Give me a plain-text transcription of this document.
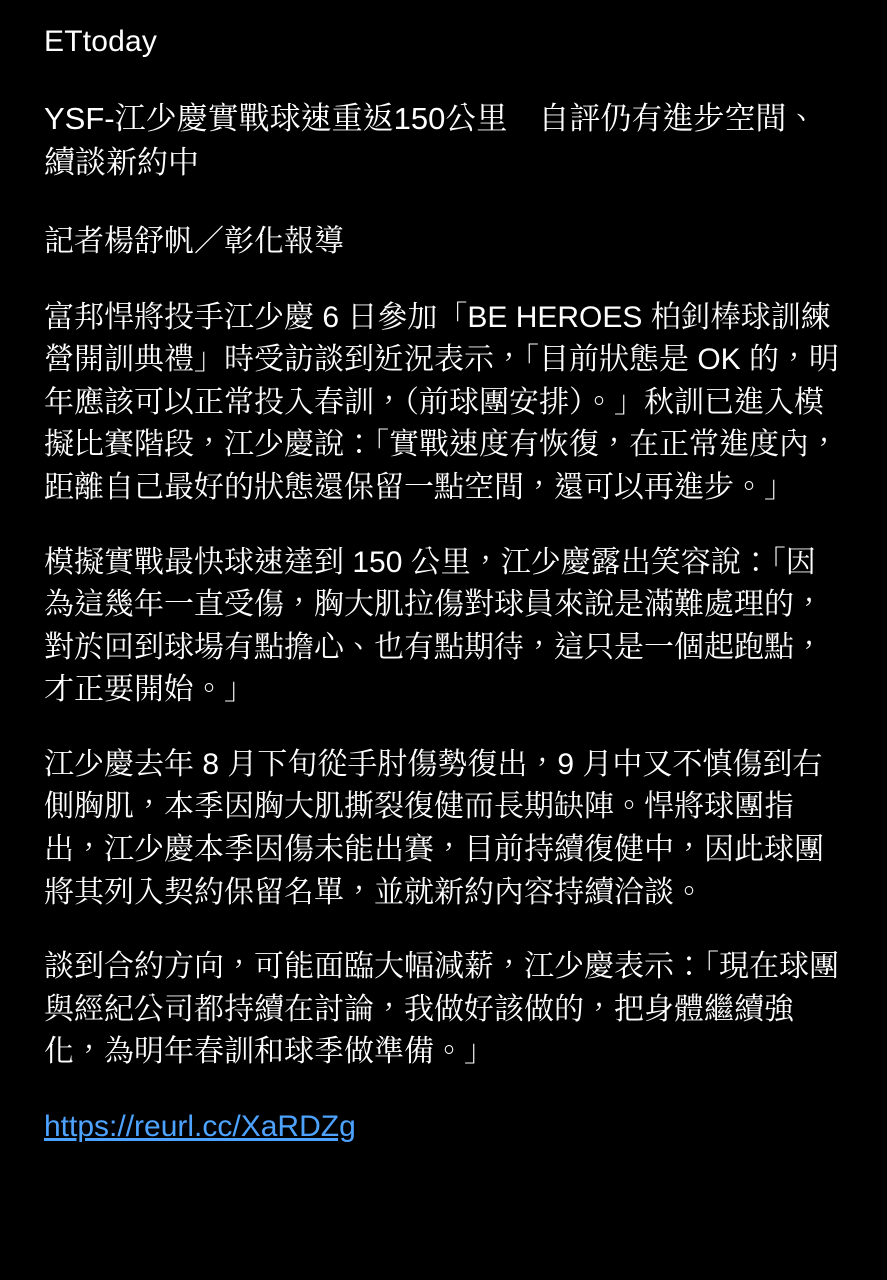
ETtoday
YSF-江少慶實戰球速重返150公里　自評仍有進步空間、續談新約中
記者楊舒帆／彰化報導

富邦悍將投手江少慶 6 日參加「BE HEROES 柏釗棒球訓練營開訓典禮」時受訪談到近況表示，「目前狀態是 OK 的，明年應該可以正常投入春訓，（前球團安排）。」秋訓已進入模擬比賽階段，江少慶說：「實戰速度有恢復，在正常進度內，距離自己最好的狀態還保留一點空間，還可以再進步。」

模擬實戰最快球速達到 150 公里，江少慶露出笑容說：「因為這幾年一直受傷，胸大肌拉傷對球員來說是滿難處理的，對於回到球場有點擔心、也有點期待，這只是一個起跑點，才正要開始。」

江少慶去年 8 月下旬從手肘傷勢復出，9 月中又不慎傷到右側胸肌，本季因胸大肌撕裂復健而長期缺陣。悍將球團指出，江少慶本季因傷未能出賽，目前持續復健中，因此球團將其列入契約保留名單，並就新約內容持續洽談。

談到合約方向，可能面臨大幅減薪，江少慶表示：「現在球團與經紀公司都持續在討論，我做好該做的，把身體繼續強化，為明年春訓和球季做準備。」

https://reurl.cc/XaRDZg
